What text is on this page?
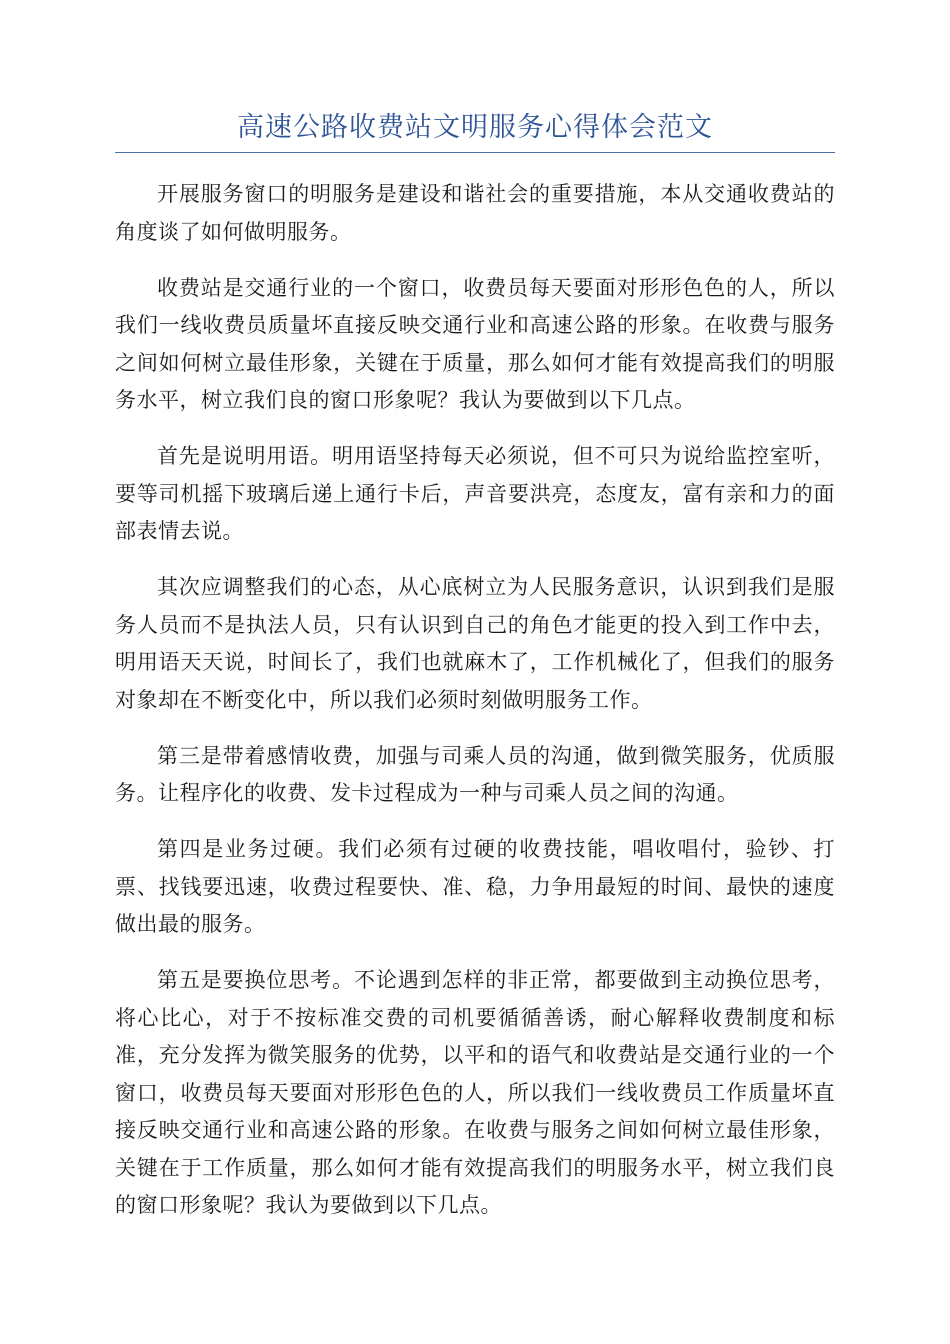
高速公路收费站文明服务心得体会范文

开展服务窗口的明服务是建设和谐社会的重要措施，本从交通收费站的角度谈了如何做明服务。

收费站是交通行业的一个窗口，收费员每天要面对形形色色的人，所以我们一线收费员质量坏直接反映交通行业和高速公路的形象。在收费与服务之间如何树立最佳形象，关键在于质量，那么如何才能有效提高我们的明服务水平，树立我们良的窗口形象呢？我认为要做到以下几点。

首先是说明用语。明用语坚持每天必须说，但不可只为说给监控室听，要等司机摇下玻璃后递上通行卡后，声音要洪亮，态度友，富有亲和力的面部表情去说。

其次应调整我们的心态，从心底树立为人民服务意识，认识到我们是服务人员而不是执法人员，只有认识到自己的角色才能更的投入到工作中去，明用语天天说，时间长了，我们也就麻木了，工作机械化了，但我们的服务对象却在不断变化中，所以我们必须时刻做明服务工作。

第三是带着感情收费，加强与司乘人员的沟通，做到微笑服务，优质服务。让程序化的收费、发卡过程成为一种与司乘人员之间的沟通。

第四是业务过硬。我们必须有过硬的收费技能，唱收唱付，验钞、打票、找钱要迅速，收费过程要快、准、稳，力争用最短的时间、最快的速度做出最的服务。

第五是要换位思考。不论遇到怎样的非正常，都要做到主动换位思考，将心比心，对于不按标准交费的司机要循循善诱，耐心解释收费制度和标准，充分发挥为微笑服务的优势，以平和的语气和收费站是交通行业的一个窗口，收费员每天要面对形形色色的人，所以我们一线收费员工作质量坏直接反映交通行业和高速公路的形象。在收费与服务之间如何树立最佳形象，关键在于工作质量，那么如何才能有效提高我们的明服务水平，树立我们良的窗口形象呢？我认为要做到以下几点。
